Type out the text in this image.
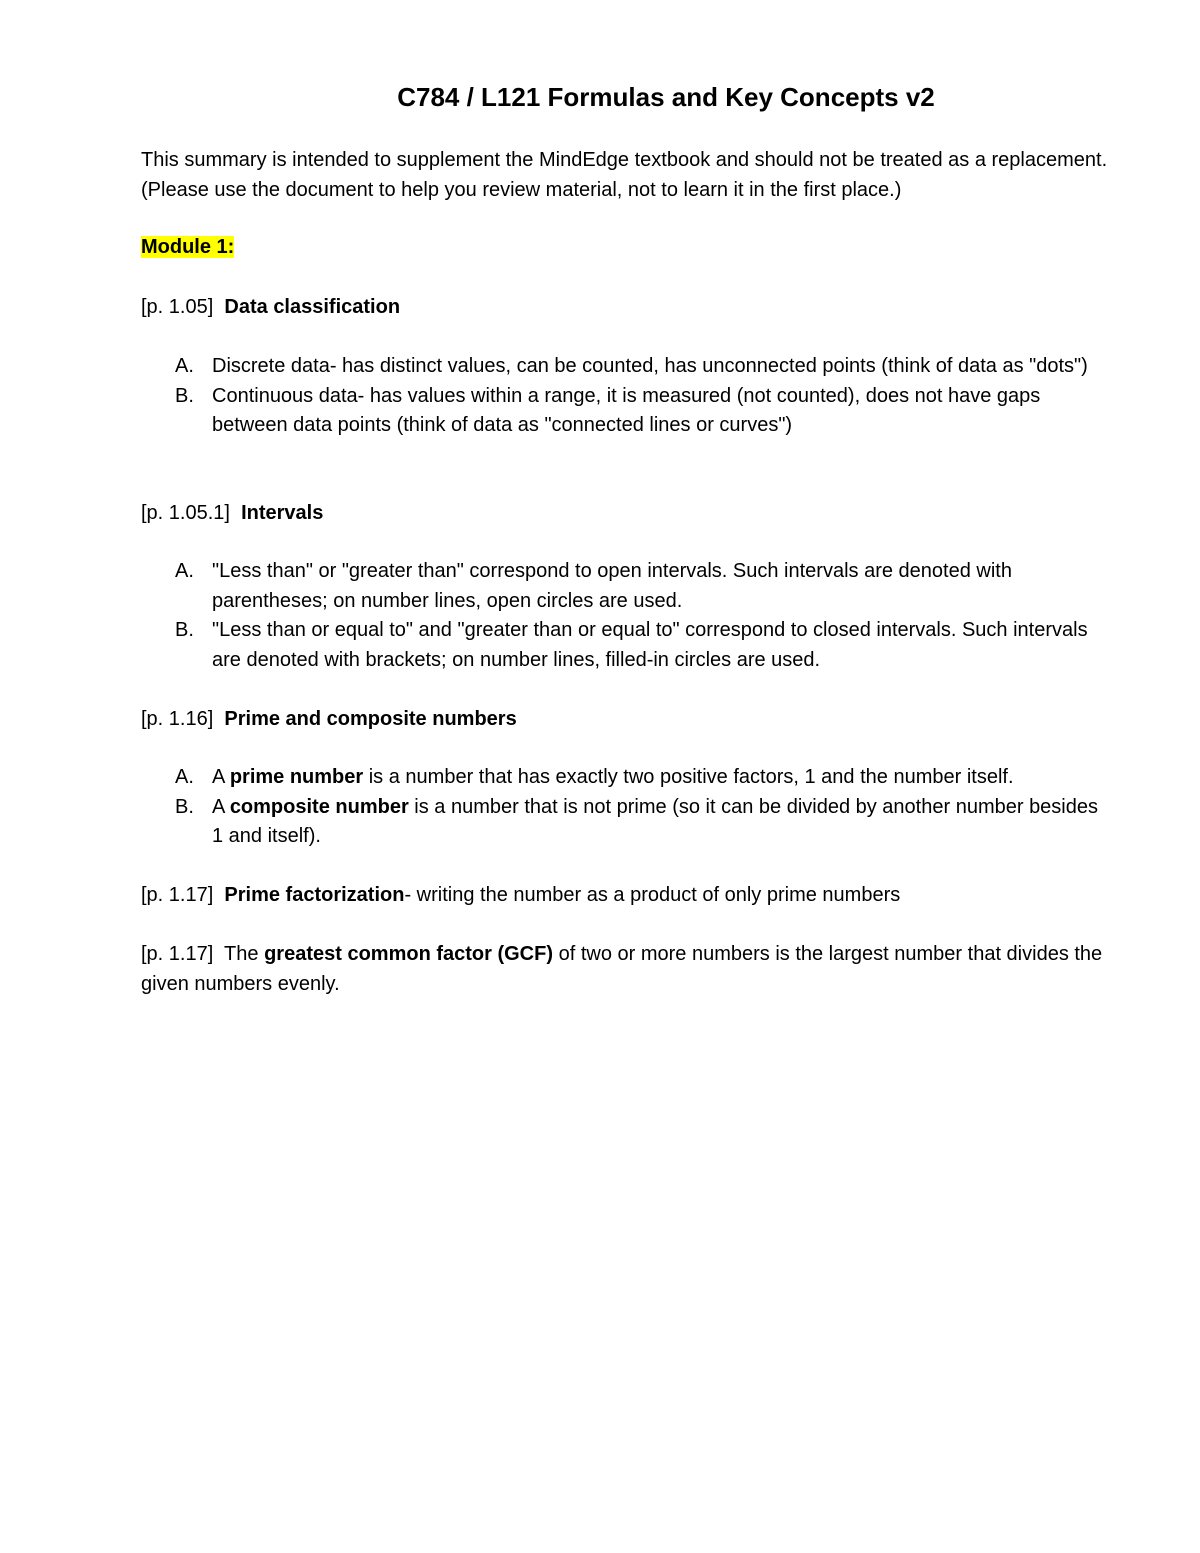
C784 / L121 Formulas and Key Concepts v2

This summary is intended to supplement the MindEdge textbook and should not be treated as a replacement. (Please use the document to help you review material, not to learn it in the first place.)

Module 1:

[p. 1.05] Data classification

A. Discrete data- has distinct values, can be counted, has unconnected points (think of data as "dots")
B. Continuous data- has values within a range, it is measured (not counted), does not have gaps between data points (think of data as "connected lines or curves")

[p. 1.05.1] Intervals

A. "Less than" or "greater than" correspond to open intervals. Such intervals are denoted with parentheses; on number lines, open circles are used.
B. "Less than or equal to" and "greater than or equal to" correspond to closed intervals. Such intervals are denoted with brackets; on number lines, filled-in circles are used.

[p. 1.16] Prime and composite numbers

A. A prime number is a number that has exactly two positive factors, 1 and the number itself.
B. A composite number is a number that is not prime (so it can be divided by another number besides 1 and itself).

[p. 1.17] Prime factorization- writing the number as a product of only prime numbers

[p. 1.17] The greatest common factor (GCF) of two or more numbers is the largest number that divides the given numbers evenly.
